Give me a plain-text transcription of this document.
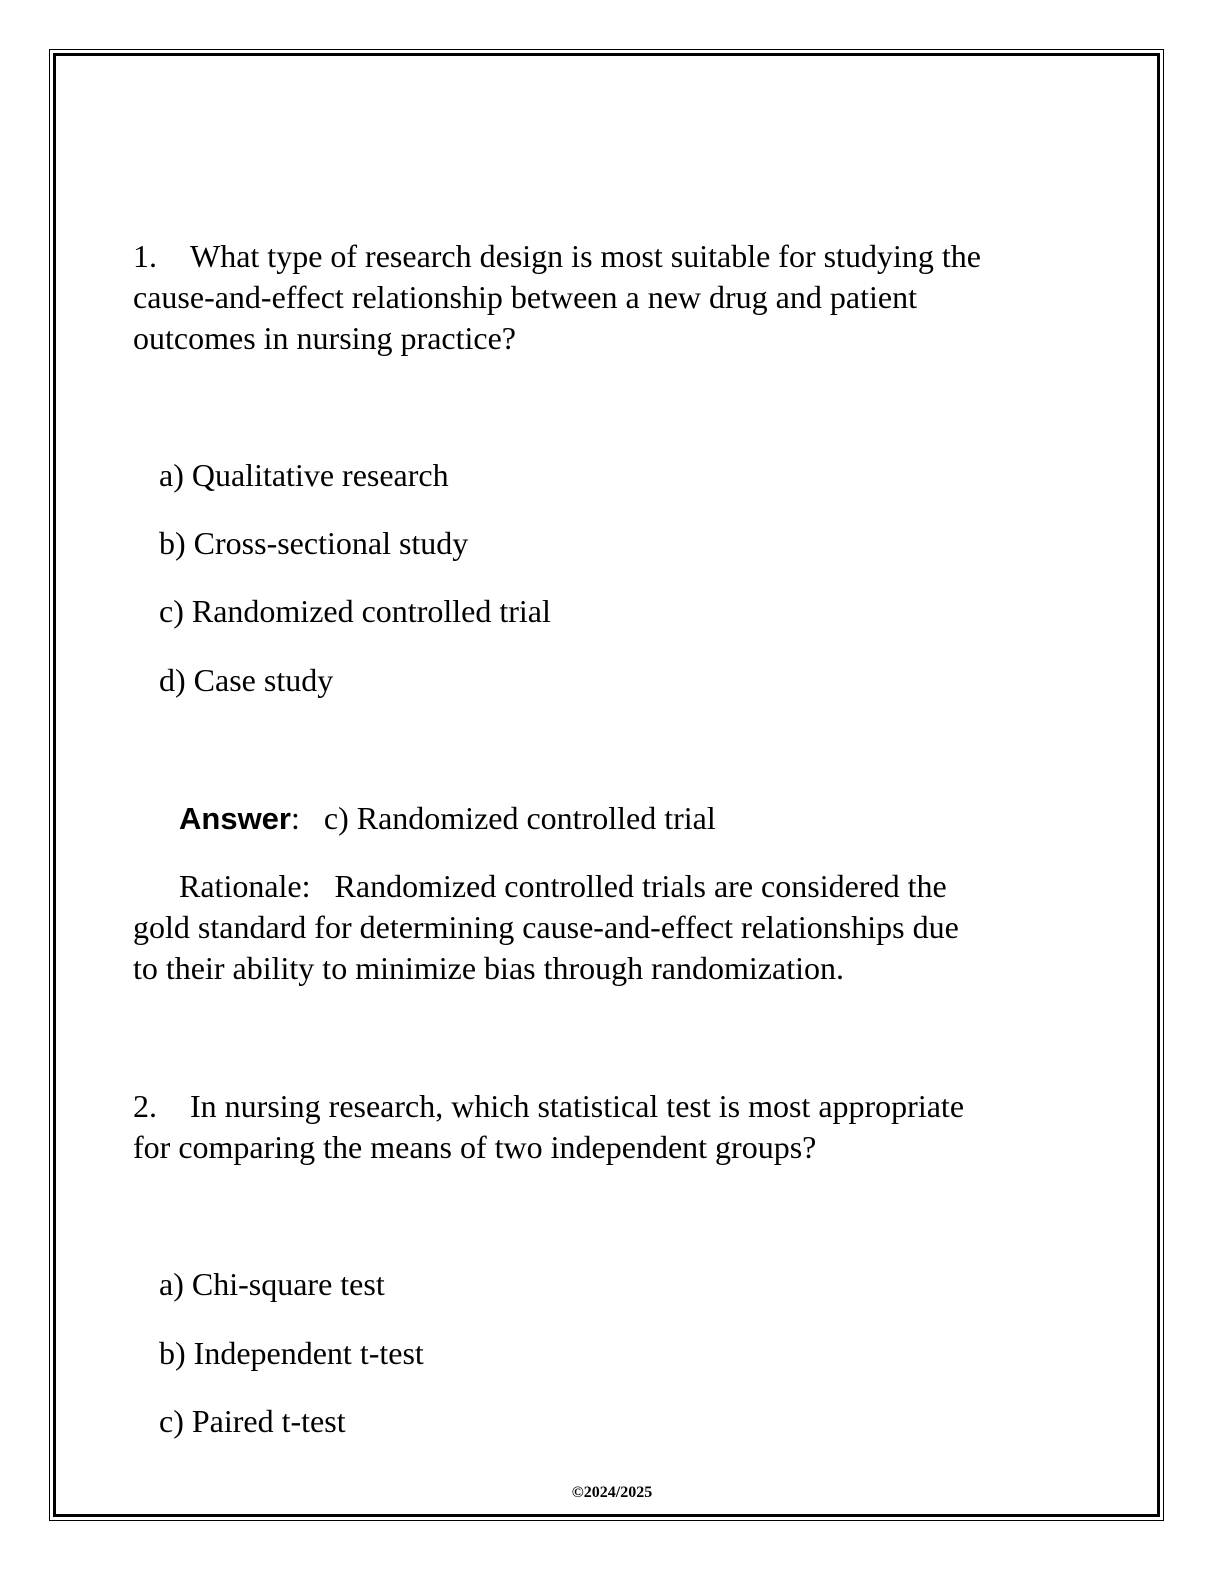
1. What type of research design is most suitable for studying the
cause-and-effect relationship between a new drug and patient
outcomes in nursing practice?
a) Qualitative research
b) Cross-sectional study
c) Randomized controlled trial
d) Case study
Answer: c) Randomized controlled trial
Rationale: Randomized controlled trials are considered the
gold standard for determining cause-and-effect relationships due
to their ability to minimize bias through randomization.
2. In nursing research, which statistical test is most appropriate
for comparing the means of two independent groups?
a) Chi-square test
b) Independent t-test
c) Paired t-test
©2024/2025
